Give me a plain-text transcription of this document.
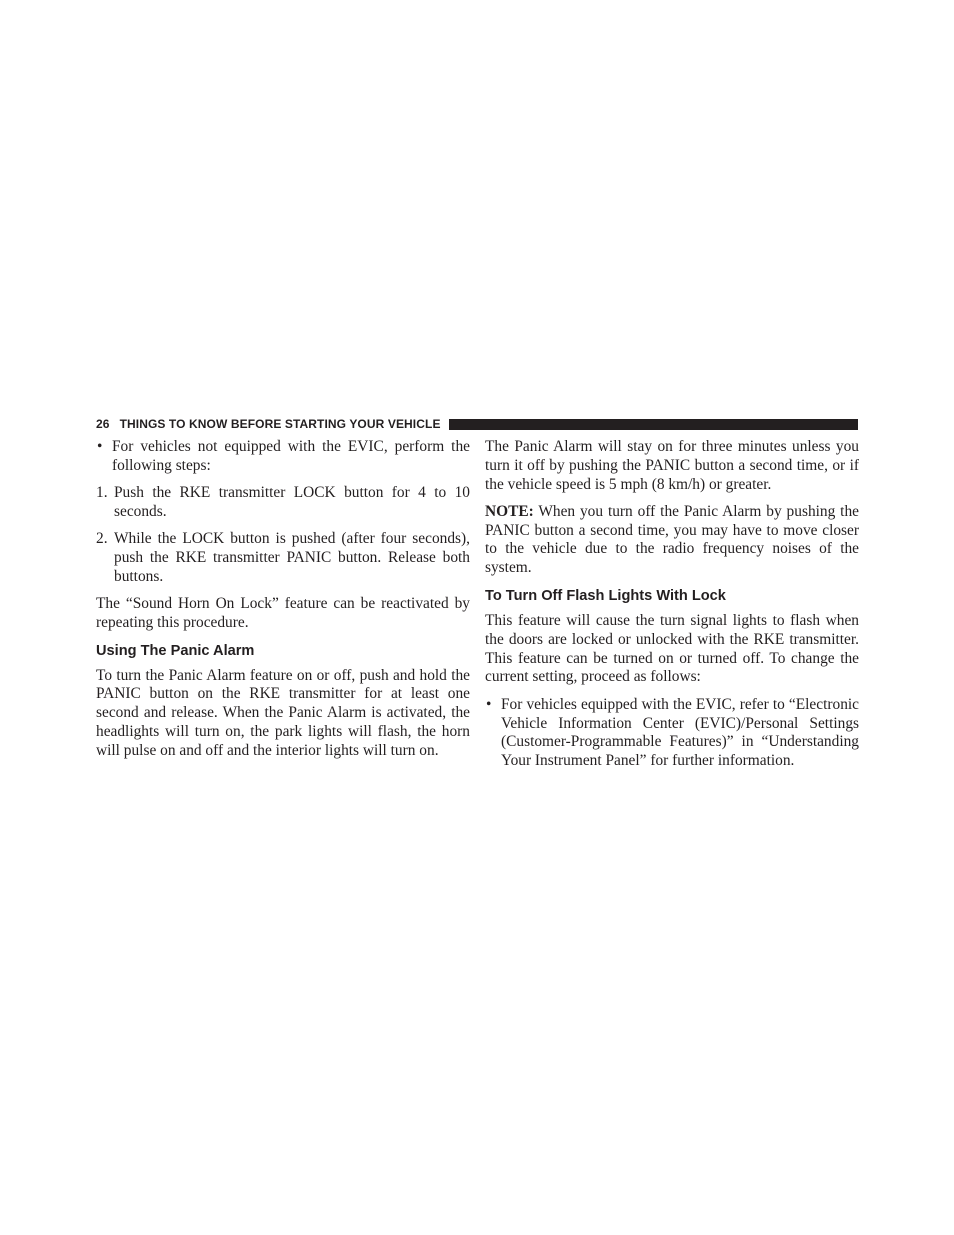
26 THINGS TO KNOW BEFORE STARTING YOUR VEHICLE
• For vehicles not equipped with the EVIC, perform the following steps:
1. Push the RKE transmitter LOCK button for 4 to 10 seconds.
2. While the LOCK button is pushed (after four seconds), push the RKE transmitter PANIC button. Release both buttons.

The “Sound Horn On Lock” feature can be reactivated by repeating this procedure.

Using The Panic Alarm

To turn the Panic Alarm feature on or off, push and hold the PANIC button on the RKE transmitter for at least one second and release. When the Panic Alarm is activated, the headlights will turn on, the park lights will flash, the horn will pulse on and off and the interior lights will turn on.

The Panic Alarm will stay on for three minutes unless you turn it off by pushing the PANIC button a second time, or if the vehicle speed is 5 mph (8 km/h) or greater.

NOTE: When you turn off the Panic Alarm by pushing the PANIC button a second time, you may have to move closer to the vehicle due to the radio frequency noises of the system.

To Turn Off Flash Lights With Lock

This feature will cause the turn signal lights to flash when the doors are locked or unlocked with the RKE transmitter. This feature can be turned on or turned off. To change the current setting, proceed as follows:

• For vehicles equipped with the EVIC, refer to “Electronic Vehicle Information Center (EVIC)/Personal Settings (Customer-Programmable Features)” in “Understanding Your Instrument Panel” for further information.
